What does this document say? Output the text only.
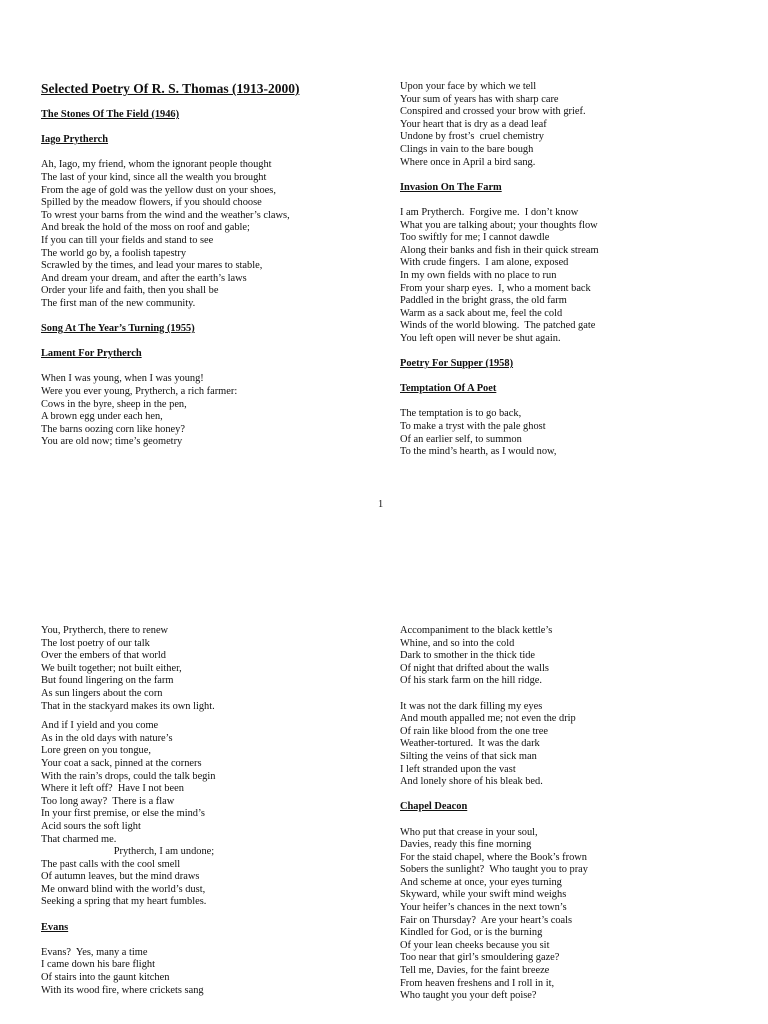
Selected Poetry Of R. S. Thomas (1913-2000)
The Stones Of The Field (1946)
Iago Prytherch
Ah, Iago, my friend, whom the ignorant people thought
The last of your kind, since all the wealth you brought
From the age of gold was the yellow dust on your shoes,
Spilled by the meadow flowers, if you should choose
To wrest your barns from the wind and the weather’s claws,
And break the hold of the moss on roof and gable;
If you can till your fields and stand to see
The world go by, a foolish tapestry
Scrawled by the times, and lead your mares to stable,
And dream your dream, and after the earth’s laws
Order your life and faith, then you shall be
The first man of the new community.
Song At The Year’s Turning (1955)
Lament For Prytherch
When I was young, when I was young!
Were you ever young, Prytherch, a rich farmer:
Cows in the byre, sheep in the pen,
A brown egg under each hen,
The barns oozing corn like honey?
You are old now; time’s geometry
Upon your face by which we tell
Your sum of years has with sharp care
Conspired and crossed your brow with grief.
Your heart that is dry as a dead leaf
Undone by frost’s  cruel chemistry
Clings in vain to the bare bough
Where once in April a bird sang.
Invasion On The Farm
I am Prytherch.  Forgive me.  I don’t know
What you are talking about; your thoughts flow
Too swiftly for me; I cannot dawdle
Along their banks and fish in their quick stream
With crude fingers.  I am alone, exposed
In my own fields with no place to run
From your sharp eyes.  I, who a moment back
Paddled in the bright grass, the old farm
Warm as a sack about me, feel the cold
Winds of the world blowing.  The patched gate
You left open will never be shut again.
Poetry For Supper (1958)
Temptation Of A Poet
The temptation is to go back,
To make a tryst with the pale ghost
Of an earlier self, to summon
To the mind’s hearth, as I would now,
1
You, Prytherch, there to renew
The lost poetry of our talk
Over the embers of that world
We built together; not built either,
But found lingering on the farm
As sun lingers about the corn
That in the stackyard makes its own light.
And if I yield and you come
As in the old days with nature’s
Lore green on you tongue,
Your coat a sack, pinned at the corners
With the rain’s drops, could the talk begin
Where it left off?  Have I not been
Too long away?  There is a flaw
In your first premise, or else the mind’s
Acid sours the soft light
That charmed me.
Prytherch, I am undone;
The past calls with the cool smell
Of autumn leaves, but the mind draws
Me onward blind with the world’s dust,
Seeking a spring that my heart fumbles.
Evans
Evans?  Yes, many a time
I came down his bare flight
Of stairs into the gaunt kitchen
With its wood fire, where crickets sang
Accompaniment to the black kettle’s
Whine, and so into the cold
Dark to smother in the thick tide
Of night that drifted about the walls
Of his stark farm on the hill ridge.
It was not the dark filling my eyes
And mouth appalled me; not even the drip
Of rain like blood from the one tree
Weather-tortured.  It was the dark
Silting the veins of that sick man
I left stranded upon the vast
And lonely shore of his bleak bed.
Chapel Deacon
Who put that crease in your soul,
Davies, ready this fine morning
For the staid chapel, where the Book’s frown
Sobers the sunlight?  Who taught you to pray
And scheme at once, your eyes turning
Skyward, while your swift mind weighs
Your heifer’s chances in the next town’s
Fair on Thursday?  Are your heart’s coals
Kindled for God, or is the burning
Of your lean cheeks because you sit
Too near that girl’s smouldering gaze?
Tell me, Davies, for the faint breeze
From heaven freshens and I roll in it,
Who taught you your deft poise?
